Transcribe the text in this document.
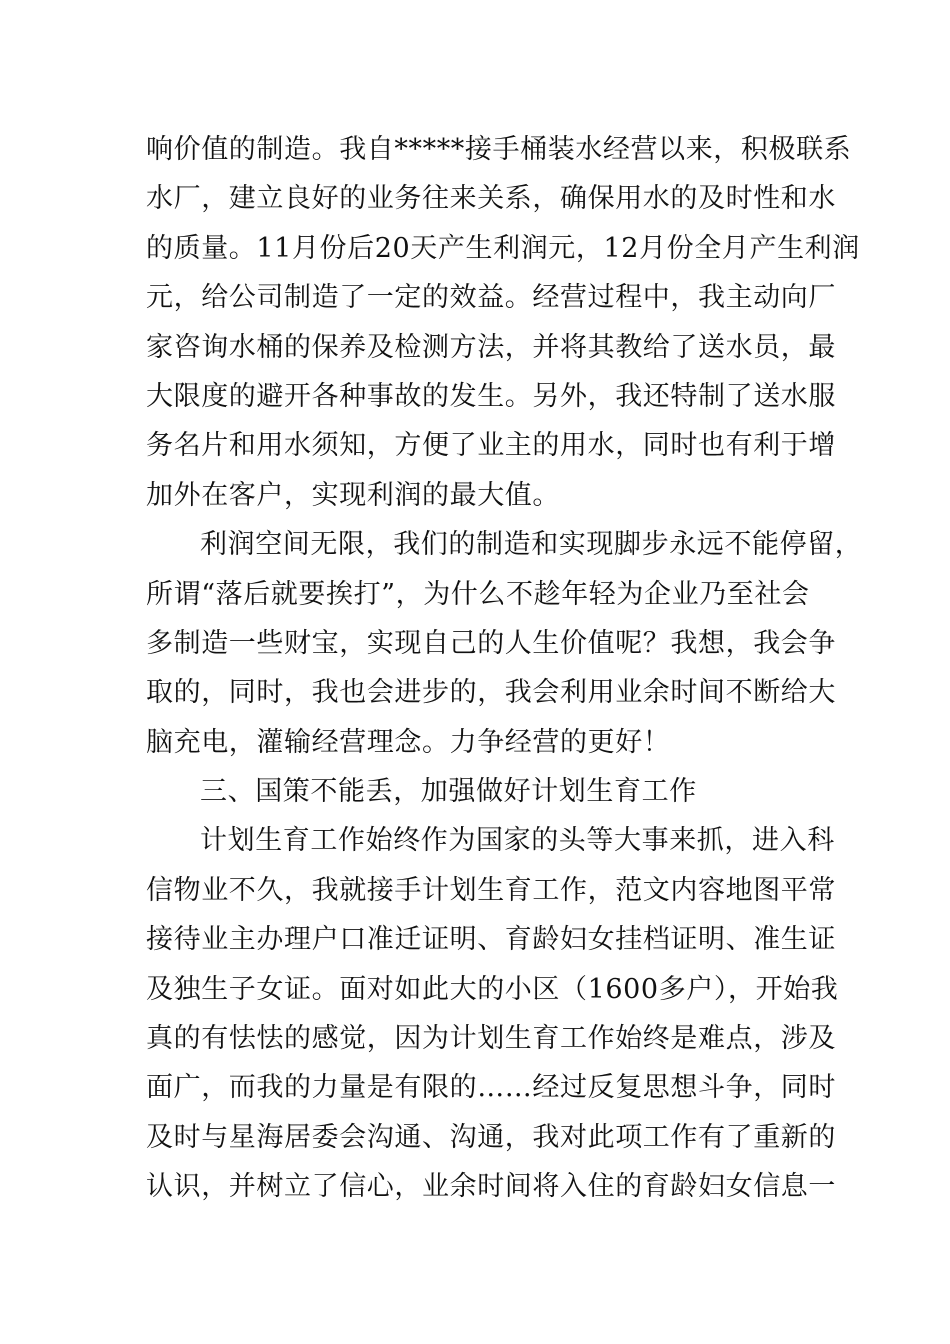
响价值的制造。我自*****接手桶装水经营以来，积极联系
水厂，建立良好的业务往来关系，确保用水的及时性和水
的质量。11月份后20天产生利润元，12月份全月产生利润
元，给公司制造了一定的效益。经营过程中，我主动向厂
家咨询水桶的保养及检测方法，并将其教给了送水员，最
大限度的避开各种事故的发生。另外，我还特制了送水服
务名片和用水须知，方便了业主的用水，同时也有利于增
加外在客户，实现利润的最大值。
利润空间无限，我们的制造和实现脚步永远不能停留，
所谓“落后就要挨打”，为什么不趁年轻为企业乃至社会
多制造一些财宝，实现自己的人生价值呢？我想，我会争
取的，同时，我也会进步的，我会利用业余时间不断给大
脑充电，灌输经营理念。力争经营的更好！
三、国策不能丢，加强做好计划生育工作
计划生育工作始终作为国家的头等大事来抓，进入科
信物业不久，我就接手计划生育工作，范文内容地图平常
接待业主办理户口准迁证明、育龄妇女挂档证明、准生证
及独生子女证。面对如此大的小区（1600多户），开始我
真的有怯怯的感觉，因为计划生育工作始终是难点，涉及
面广，而我的力量是有限的……经过反复思想斗争，同时
及时与星海居委会沟通、沟通，我对此项工作有了重新的
认识，并树立了信心，业余时间将入住的育龄妇女信息一
